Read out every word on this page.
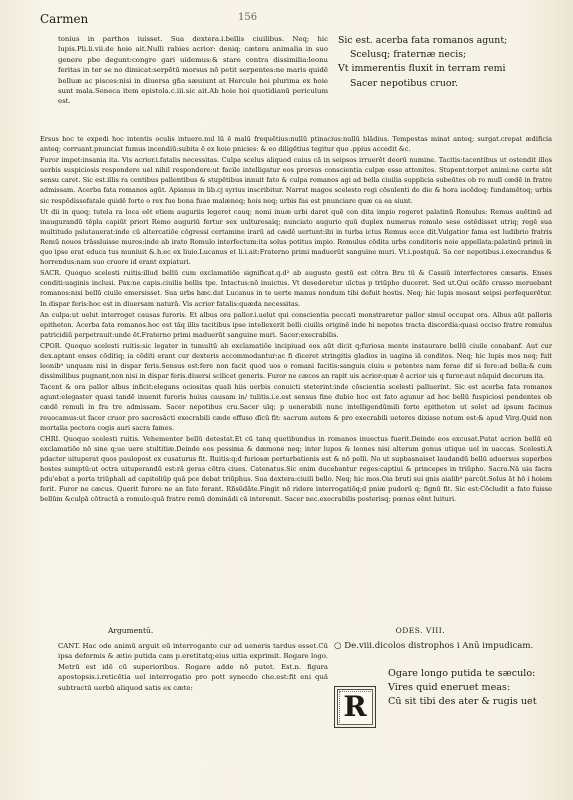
Carmen	156
tonius in parthos iuisset. Sua dextera.i.bellis ciuilibus. Neq; hic lupis.Pli.li.vii.de hoie ait.Nulli rabies acrior: deniq; cætera animalia in suo genere pbe degunt:congre gari uidemus:& stare contra dissimilia:leonu feritas in ter se no dimicat:serpētū morsus nō petit serpentes:ne maris quidē belluæ ac pisces:nisi in diuersa gña sæuiunt at Hercule hoi plurima ex hoie sunt mala.Seneca item epistola.c.iii.sic ait.Ab hoie hoi quotidianū periculum est.
Sic est. acerba fata romanos agunt;
Scelusq; fraternæ necis;
Vt immerentis fluxit in terram remi
Sacer nepotibus cruor.

Ersus hoc te expedi hoc intentis oculis intuere.nul lū ē malū frequētius:nullū ptinacius:nullū blādius. Tempestas minat anteq; surgat.crepat ædificia anteq; corruant.pnunciat fumus incendiū:subita ē ex hoie pnicies: & eo diligētius tegitur quo .ppius accedit &c.

Furor impet:insania ita. Vis acrior.i.fatalis necessitas. Culpa scelus aliquod cuius cā in seipsos irruerēt deorū numine. Tacitis:tacentibus ut ostendit illos uerbis suspiciosis respondere uel nihil respondere:ut facile intelligatur eos prorsus conscientia culpæ esse attonitos. Stupent:torpet animi:ne certe sūt sensu caret. Sic est.illis ra centibus pallentibus & stupētibus innuit fato & culpa romanos agi ad bella ciuilia supplicia subeūtes ob ro mulī cædē in fratre admissam. Acerba fata romanos agūt. Apianus in lib.cj syrius inscribitur. Narrat magos scelesto regi cōsulenti de die & hora iacēdoq; fundamētoq; urbis sic respōdissefatale quidē forte o rex fue bona fuae malæneq; hois neq; urbis fas est pnunciare quæ ca ea siunt.

Ut dii in quoq; tutela ra loca eēt etiem auguriis legeret cauq; nomi inuæ urbi daret quē con dita impio regeret palatinū Romulus: Remus auētinū ad inaugurandū tēpla capiūt priori Remo auguriū fertur sex uulturesaiq; nunciato augurio quū duplex numerus romulo sese ostēdisset utriq; regē sua multitudo pslutauerat:inde cū altercatiōe cōgressi certamine irarū ad cædē uertunt:ibi in turba ictus Remus ecce dit.Vulgatior fama est ludibrio fratris Remū nouos trāssluisse muros:inde ab irato Romulo interfectum:ita solus potitus impio. Romulus cōdita urbs conditoris noie appellata:palatinū primū in quo ipse erat educa tus muniuit &.h.ec ex liuio.Lucanus et li.i.ait:Fraterno primi maduerūt sanguine muri. Vt.i.postquā. Sa cer nepotibus.i.execrandus & horrendus:nam suo cruore id erant expiaturi.

SACR. Quoquo scelesti ruitis:illud bellū cum exclamatiōe significat.q.d² ab augusto gestū est cōtra Bru tū & Cassiū interfectores cæsaris. Enses conditi:uaginis inclusi. Pax:ne capis.ciuilis bellis tpe. Intactus:nō inuictus. Vt desederetur uīctus p triūpho duceret. Sed ut.Qui ocāfo crasso meruebant romanos:nisi bellū ciuile emersisset. Sua urbs hæc.dat Lucanus in te uerte manus nondum tibi defuit hostis. Neq; hic lupis mosaut seipsi perfequerētur. In dispar feris:hoc est in diuersam naturā. Vis acrior fatalis:quæda necessitas.

An culpa:ut uelut interroget causas furoris. Et albus ora pallor.i.uelut qui conscientia peccati monstraretur pallor simul occupat ora. Albus aūt palloris epitheton. Acerba fata romanos.hoc est tāq illis tacitibus ipse intellexerit belli ciuilis originē inde hi nepotes tracta discordia:quasi occiso fratre romulus patricidiū perpetrauit:unde ēt.Fraterno primi maduerūt sanguine muri. Sacer:execrabilis.

CPOR. Quoquo scelesti ruitis:sic legater in tumultū ab exclamatiōe incipiuad eos aūt dicit q;furiosa mente instaurare bellū ciuile conabanf. Aut cur dex.aptant enses cōditiq; ia cōditi erant cur dexteris accommodantur:ac fi diceret stringitis gladios in uagina iā conditos. Neq; hic lupis mos neq; fuit leonib⁹ unquam nisi in dispar feris.Sensus est:fere non facit quod uos o romani facitis:sanguis ciuiu e petentes nam ferae dif si fere:ad bella:& cum dissimilibus pugnant,non nisi in dispar feris.diuersi scilicet generis. Furor ne cæcos an rapit uis acrior:quæ ē acrior uis q furor:aut nūquid decorum ita.

Tacent & ora pallor albus inficit:elegans ociositas quali hiis uerbis conuicti steterint:inde cōscientia scelesti palluerint. Sic est acerba fata romanos agunt:elegaster quasi tandē inuenit furoris huius causam in/ tulitis.i.e.est sensus fine dubio hoc est fato agunur ad hoc bellū fuspiciosi pendentes ob cædē remuli in fra tre admissam. Sacer nepotibus cru.Sacer uīq; p uenerabili nunc intelligendūmili forte epitheton ut solet ad ipsum facinus reuocamus:ut facer cruor pro sacrosācti execrabili cæde effuso dīcū fit: sacrum autem & pro execrabili ueteres dixisse notum est:& apud Virg.Quid non mortalia pectora cogis auri sacra fames.

CHRI. Quoquo scelesti ruitis. Vehementer bellū detestat.Et cū tanq quetibundus in romanos inuectus fuerit.Deinde eos excusat.Putat acrion bellū eū exclamatiōe nō sine q;ue uere stultitiæ.Deinde eos pessima & dæmone neq; inter lupos & leones nisi alterum genus utique uel in uaccas. Scelesti.A pdacter uituperat quos paulopost ex cusaturus fit. Ruitis:q;d furiosæ perturbationis est & nō pelli. No ut supbasnaiset laudandū bellū aduersus superbos hostes sumptū:ut octra uituperandū est:rā geras cōtra ciues. Catenatus.Sic enim ducebantur reges:captiui & princepes in triūpho. Sacra.Nā uia facra pdu'ebat a porta triūphali ad capitoliūp quā pce debat triūphus. Sua dextera:ciuili bello. Neq; hic mos.Oia bruti sui gnis aialib⁹ parcūt.Solus āt hō i hoiem ferit. Furor ne cæcus. Querit furore ne an fato ferant. Rñsūdāte.Fingit nō ridere interrogatiōq;d pniæ pudorū q; fignū fit. Sic est:Cōcludit a fato fuisse bellūm &culpā cōtractā a romulo:quā fratre remū dominādi cā interemit. Sacer nec.execrabilis posterisq; pœnas eēnt luituri.

Argumentū.	ODES. VIII.
CANT. Hac ode animū arguit eū interrogante cur ad ueneris tardus esset.Cū ipsa deformis & ætio putida cam p.eretitatq;eius uitia exprimit. Rogare logo. Metrū est idē cū superioribus. Rogare adde nō putet. Est.n. figura apostopsis.i.reticētia uel interrogatio pro pott synecdo che.est:fit eni quā subtractū uerbū aliquod satis ex cæte:
○ De.viii.dicolos distrophos i Anū impudicam.
R
Ogare longo putida te sæculo:
Vires quid eneruet meas:
Cū sit tibi des ater & rugis uet
